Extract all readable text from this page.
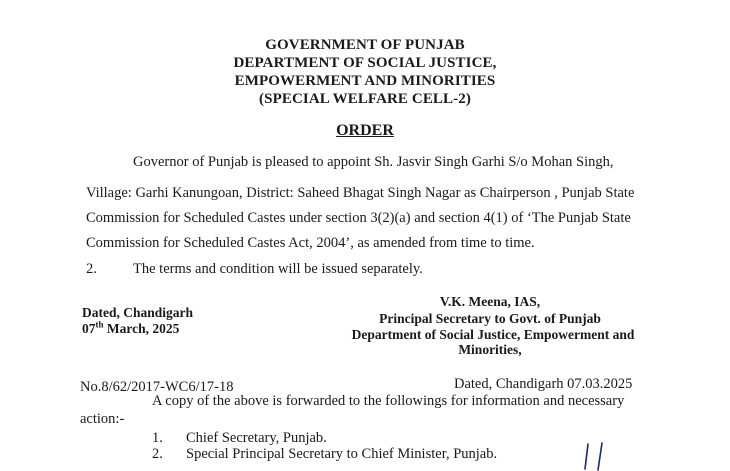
GOVERNMENT OF PUNJAB
DEPARTMENT OF SOCIAL JUSTICE,
EMPOWERMENT AND MINORITIES
(SPECIAL WELFARE CELL-2)
ORDER
Governor of Punjab is pleased to appoint Sh. Jasvir Singh Garhi S/o Mohan Singh,
Village: Garhi Kanungoan, District: Saheed Bhagat Singh Nagar as Chairperson , Punjab State
Commission for Scheduled Castes under section 3(2)(a) and section 4(1) of ‘The Punjab State
Commission for Scheduled Castes Act, 2004’, as amended from time to time.
2. The terms and condition will be issued separately.
Dated, Chandigarh
07th March, 2025
V.K. Meena, IAS,
Principal Secretary to Govt. of Punjab
Department of Social Justice, Empowerment and
Minorities,
No.8/62/2017-WC6/17-18	Dated, Chandigarh 07.03.2025
A copy of the above is forwarded to the followings for information and necessary
action:-
1. Chief Secretary, Punjab.
2. Special Principal Secretary to Chief Minister, Punjab.
